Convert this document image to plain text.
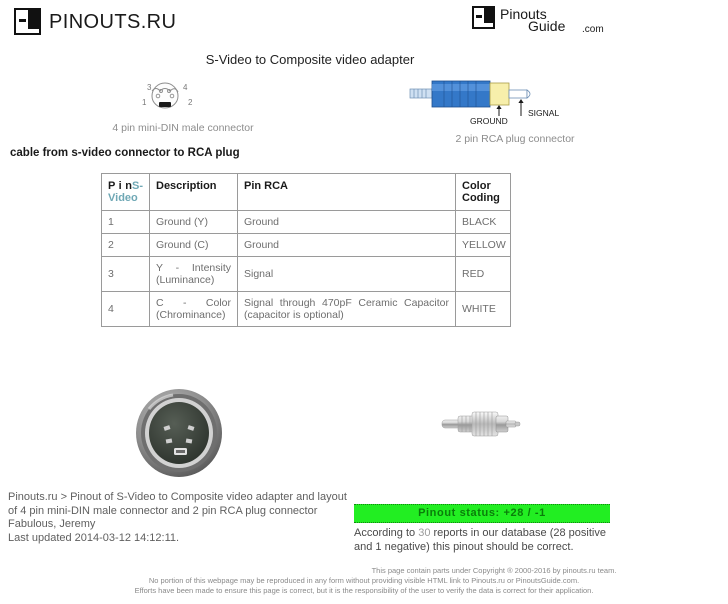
PINOUTS.RU	Pinouts
Guide .com
S-Video to Composite video adapter
3	4
1	2
4 pin mini-DIN male connector
GROUND
SIGNAL
2 pin RCA plug connector
cable from s-video connector to RCA plug
P i nS-
Video	Description	Pin RCA	Color
Coding

1	Ground (Y)	Ground	BLACK
2	Ground (C)	Ground	YELLOW
3	Y - Intensity
(Luminance)	Signal	RED
4	C - Color
(Chrominance)	Signal through 470pF Ceramic Capacitor
(capacitor is optional)	WHITE
Pinouts.ru > Pinout of S-Video to Composite video adapter and layout of 4 pin mini-DIN male connector and 2 pin RCA plug connector
Fabulous, Jeremy
Last updated 2014-03-12 14:12:11.
Pinout status: +28 / -1
According to 30 reports in our database (28 positive and 1 negative) this pinout should be correct.
This page contain parts under Copyright ® 2000-2016 by pinouts.ru team.
No portion of this webpage may be reproduced in any form without providing visible HTML link to Pinouts.ru or PinoutsGuide.com.
Efforts have been made to ensure this page is correct, but it is the responsibility of the user to verify the data is correct for their application.
